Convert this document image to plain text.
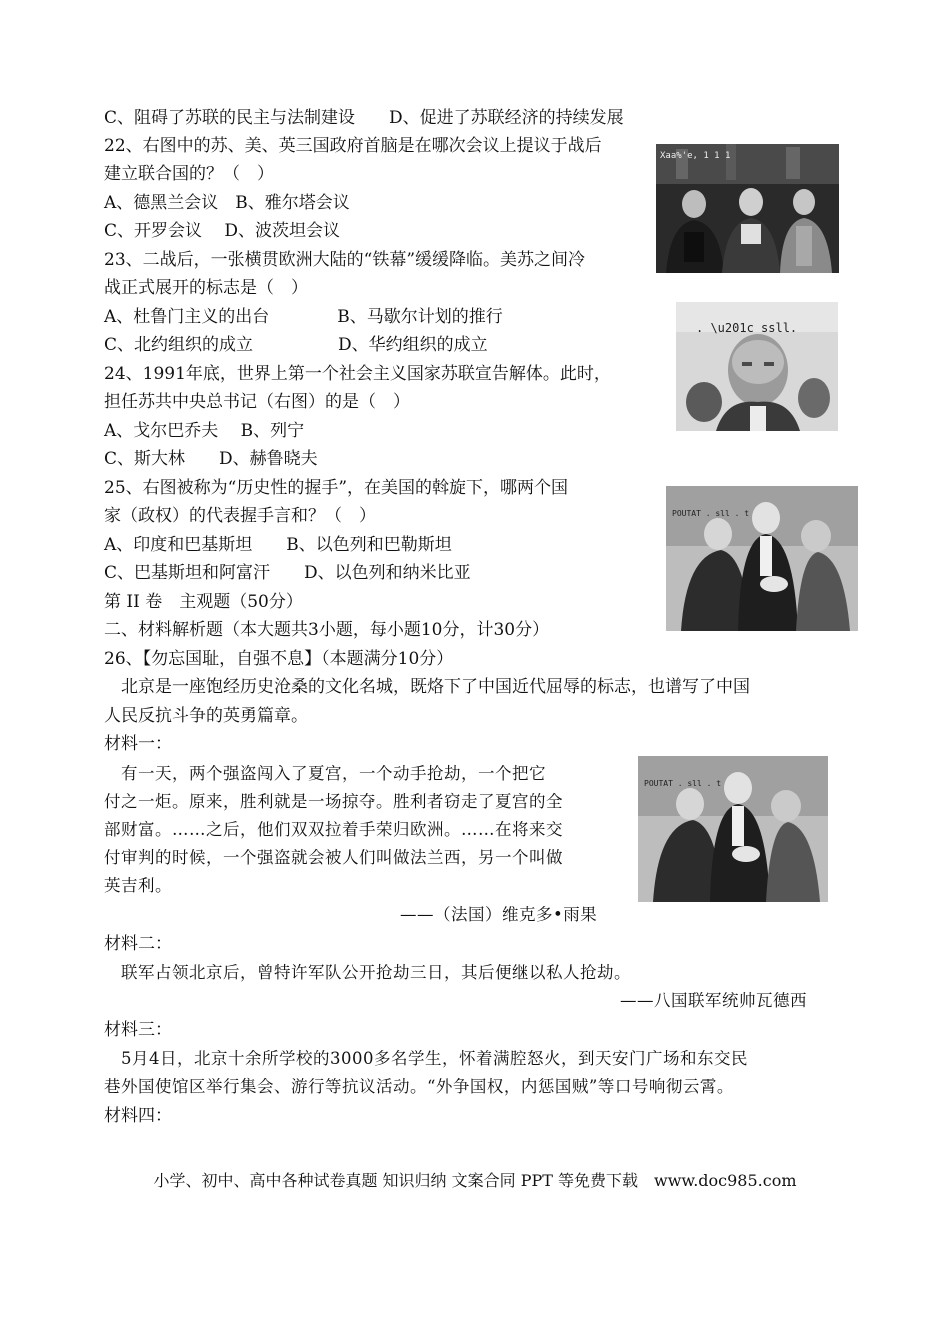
C、阻碍了苏联的民主与法制建设　　D、促进了苏联经济的持续发展
22、右图中的苏、美、英三国政府首脑是在哪次会议上提议于战后
建立联合国的？（　）
A、德黑兰会议　B、雅尔塔会议
C、开罗会议　 D、波茨坦会议
23、二战后，一张横贯欧洲大陆的“铁幕”缓缓降临。美苏之间冷
战正式展开的标志是（　）
A、杜鲁门主义的出台　　　　B、马歇尔计划的推行
C、北约组织的成立　　　　　D、华约组织的成立
24、1991年底，世界上第一个社会主义国家苏联宣告解体。此时，
担任苏共中央总书记（右图）的是（　）
A、戈尔巴乔夫　 B、列宁
C、斯大林　　D、赫鲁晓夫
25、右图被称为“历史性的握手”，在美国的斡旋下，哪两个国
家（政权）的代表握手言和？（　）
A、印度和巴基斯坦　　B、以色列和巴勒斯坦
C、巴基斯坦和阿富汗　　D、以色列和纳米比亚
第 II 卷　主观题（50分）
二、材料解析题（本大题共3小题，每小题10分，计30分）
26、【勿忘国耻，自强不息】（本题满分10分）
　北京是一座饱经历史沧桑的文化名城，既烙下了中国近代屈辱的标志，也谱写了中国
人民反抗斗争的英勇篇章。
材料一：
　有一天，两个强盗闯入了夏宫，一个动手抢劫，一个把它
付之一炬。原来，胜利就是一场掠夺。胜利者窃走了夏宫的全
部财富。……之后，他们双双拉着手荣归欧洲。……在将来交
付审判的时候，一个强盗就会被人们叫做法兰西，另一个叫做
英吉利。
——（法国）维克多•雨果
材料二：
　联军占领北京后，曾特许军队公开抢劫三日，其后便继以私人抢劫。
——八国联军统帅瓦德西
材料三：
　5月4日，北京十余所学校的3000多名学生，怀着满腔怒火，到天安门广场和东交民
巷外国使馆区举行集会、游行等抗议活动。“外争国权，内惩国贼”等口号响彻云霄。
材料四：
小学、初中、高中各种试卷真题 知识归纳 文案合同 PPT 等免费下载　www.doc985.com
Xaa%'e, 1 1 1
. \u201c ssll.
POUTAT . sll . t
POUTAT . sll . t
